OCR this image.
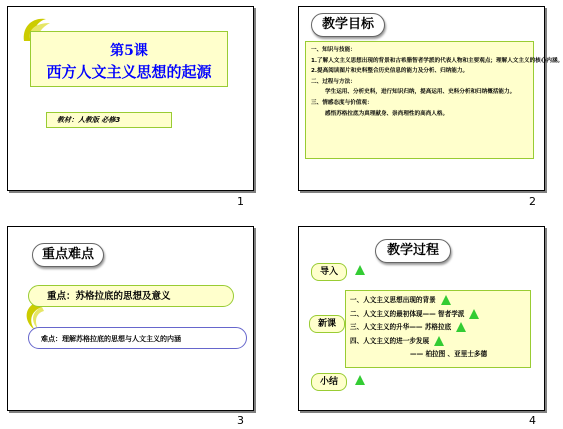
第5课
西方人文主义思想的起源
教材：人教版 必修3
1
教学目标
一、知识与技能：
1.了解人文主义思想出现的背景和古希腊智者学派的代表人物和主要观点；理解人文主义的核心内涵。
2.提高阅读图片和史料整合历史信息的能力及分析、归纳能力。
二、过程与方法：
学生运用、分析史料，进行知识归纳，提高运用、史料分析和归纳概括能力。
三、情感态度与价值观：
感悟苏格拉底为真理献身、崇尚理性的高尚人格。
2
重点难点
重点：苏格拉底的思想及意义
难点：理解苏格拉底的思想与人文主义的内涵
3
教学过程
导入
新课
一、人文主义思想出现的背景
二、人文主义的最初体现—— 智者学派
三、人文主义的升华—— 苏格拉底
四、人文主义的进一步发展
—— 柏拉图 、亚里士多德
小结
4
